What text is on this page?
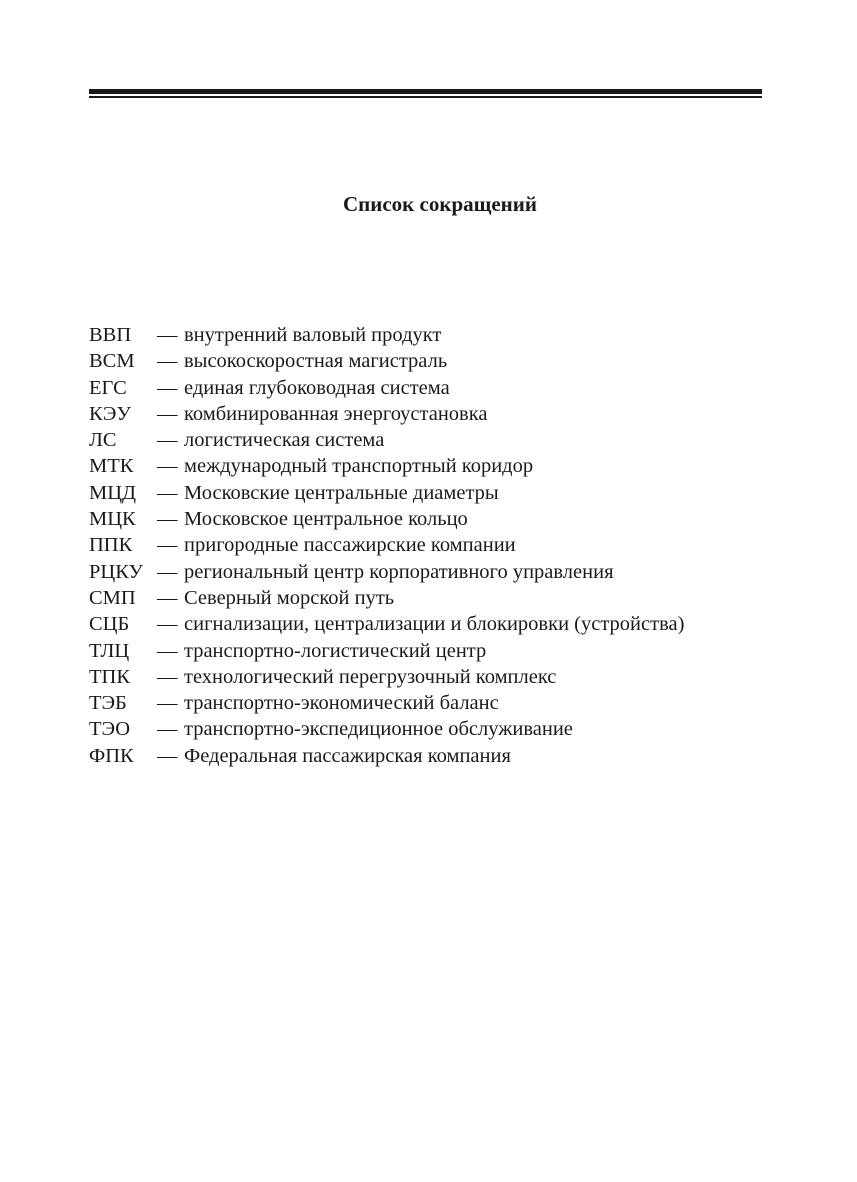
Список сокращений
ВВП	— внутренний валовый продукт
ВСМ	— высокоскоростная магистраль
ЕГС	— единая глубоководная система
КЭУ	— комбинированная энергоустановка
ЛС	— логистическая система
МТК	— международный транспортный коридор
МЦД	— Московские центральные диаметры
МЦК	— Московское центральное кольцо
ППК	— пригородные пассажирские компании
РЦКУ — региональный центр корпоративного управления
СМП	— Северный морской путь
СЦБ	— сигнализации, централизации и блокировки (устройства)
ТЛЦ	— транспортно-логистический центр
ТПК	— технологический перегрузочный комплекс
ТЭБ	— транспортно-экономический баланс
ТЭО	— транспортно-экспедиционное обслуживание
ФПК	— Федеральная пассажирская компания
